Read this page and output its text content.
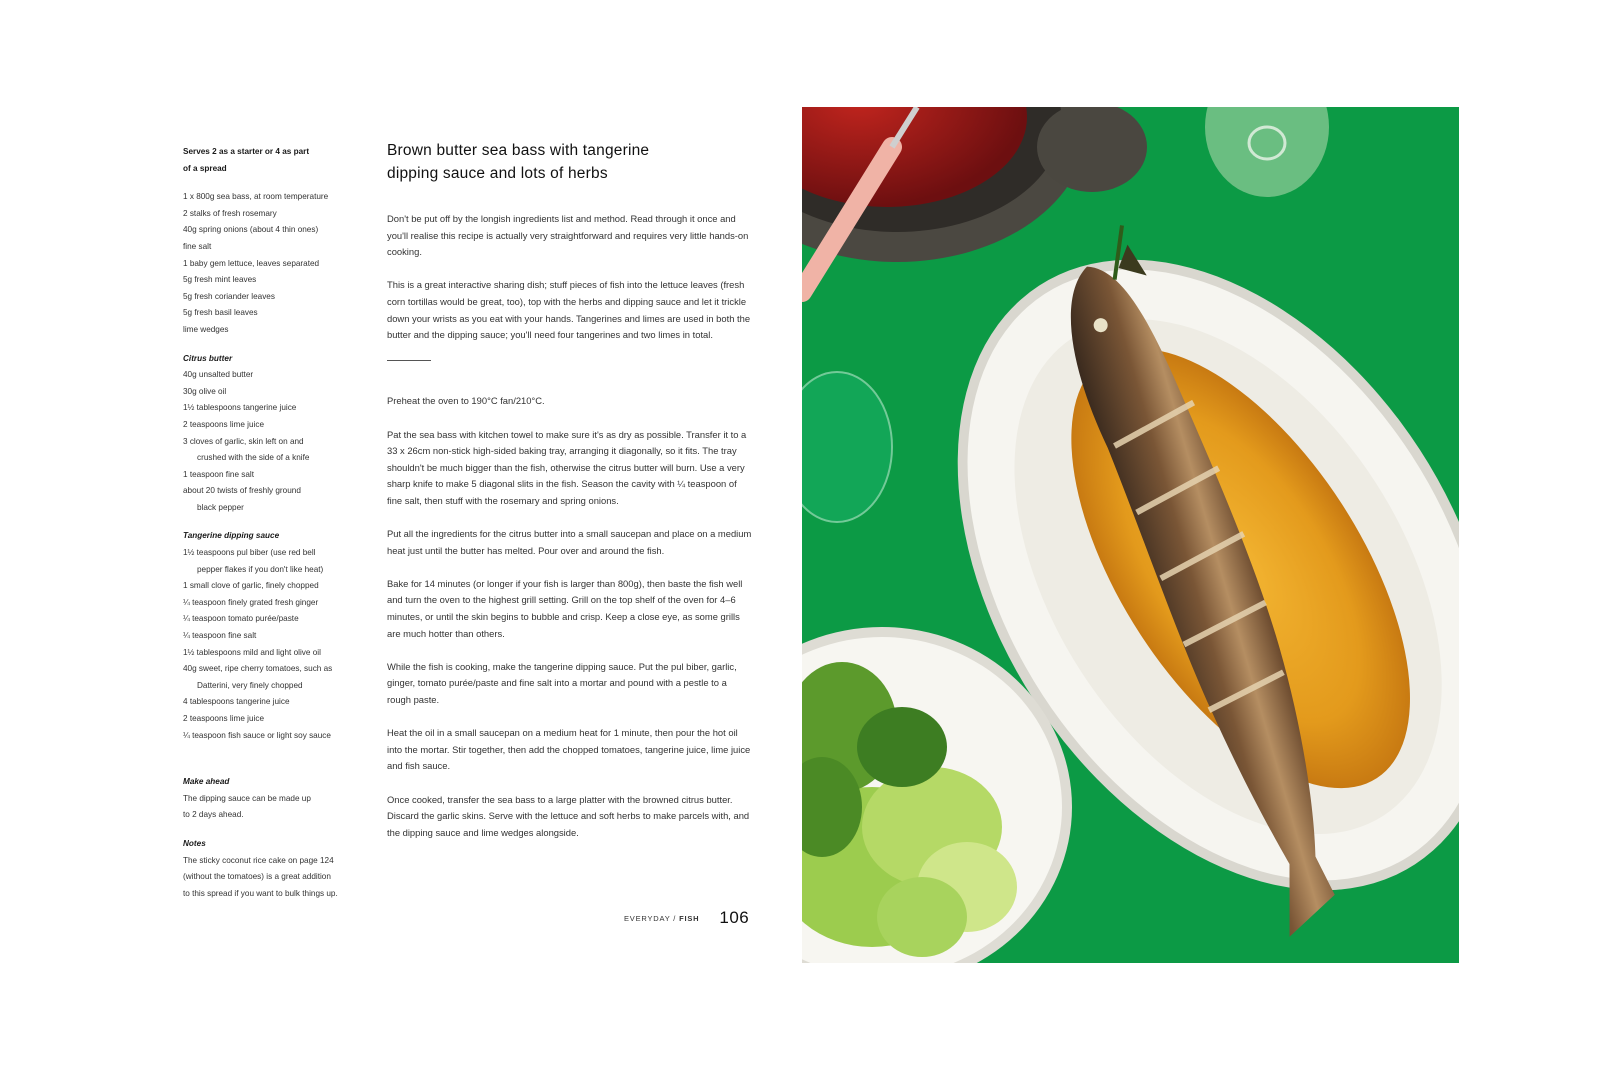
Serves 2 as a starter or 4 as part
of a spread
1 x 800g sea bass, at room temperature
2 stalks of fresh rosemary
40g spring onions (about 4 thin ones)
fine salt
1 baby gem lettuce, leaves separated
5g fresh mint leaves
5g fresh coriander leaves
5g fresh basil leaves
lime wedges
Citrus butter
40g unsalted butter
30g olive oil
1½ tablespoons tangerine juice
2 teaspoons lime juice
3 cloves of garlic, skin left on and
crushed with the side of a knife
1 teaspoon fine salt
about 20 twists of freshly ground
black pepper
Tangerine dipping sauce
1½ teaspoons pul biber (use red bell
pepper flakes if you don't like heat)
1 small clove of garlic, finely chopped
¼ teaspoon finely grated fresh ginger
¼ teaspoon tomato purée/paste
¼ teaspoon fine salt
1½ tablespoons mild and light olive oil
40g sweet, ripe cherry tomatoes, such as
Datterini, very finely chopped
4 tablespoons tangerine juice
2 teaspoons lime juice
¼ teaspoon fish sauce or light soy sauce
Make ahead
The dipping sauce can be made up
to 2 days ahead.
Notes
The sticky coconut rice cake on page 124
(without the tomatoes) is a great addition
to this spread if you want to bulk things up.
Brown butter sea bass with tangerine
dipping sauce and lots of herbs

Don't be put off by the longish ingredients list and method. Read through it once and you'll realise this recipe is actually very straightforward and requires very little hands-on cooking.

This is a great interactive sharing dish; stuff pieces of fish into the lettuce leaves (fresh corn tortillas would be great, too), top with the herbs and dipping sauce and let it trickle down your wrists as you eat with your hands. Tangerines and limes are used in both the butter and the dipping sauce; you'll need four tangerines and two limes in total.

Preheat the oven to 190°C fan/210°C.

Pat the sea bass with kitchen towel to make sure it's as dry as possible. Transfer it to a 33 x 26cm non-stick high-sided baking tray, arranging it diagonally, so it fits. The tray shouldn't be much bigger than the fish, otherwise the citrus butter will burn. Use a very sharp knife to make 5 diagonal slits in the fish. Season the cavity with ¼ teaspoon of fine salt, then stuff with the rosemary and spring onions.

Put all the ingredients for the citrus butter into a small saucepan and place on a medium heat just until the butter has melted. Pour over and around the fish.

Bake for 14 minutes (or longer if your fish is larger than 800g), then baste the fish well and turn the oven to the highest grill setting. Grill on the top shelf of the oven for 4–6 minutes, or until the skin begins to bubble and crisp. Keep a close eye, as some grills are much hotter than others.

While the fish is cooking, make the tangerine dipping sauce. Put the pul biber, garlic, ginger, tomato purée/paste and fine salt into a mortar and pound with a pestle to a rough paste.

Heat the oil in a small saucepan on a medium heat for 1 minute, then pour the hot oil into the mortar. Stir together, then add the chopped tomatoes, tangerine juice, lime juice and fish sauce.

Once cooked, transfer the sea bass to a large platter with the browned citrus butter. Discard the garlic skins. Serve with the lettuce and soft herbs to make parcels with, and the dipping sauce and lime wedges alongside.

EVERYDAY / FISH 106
